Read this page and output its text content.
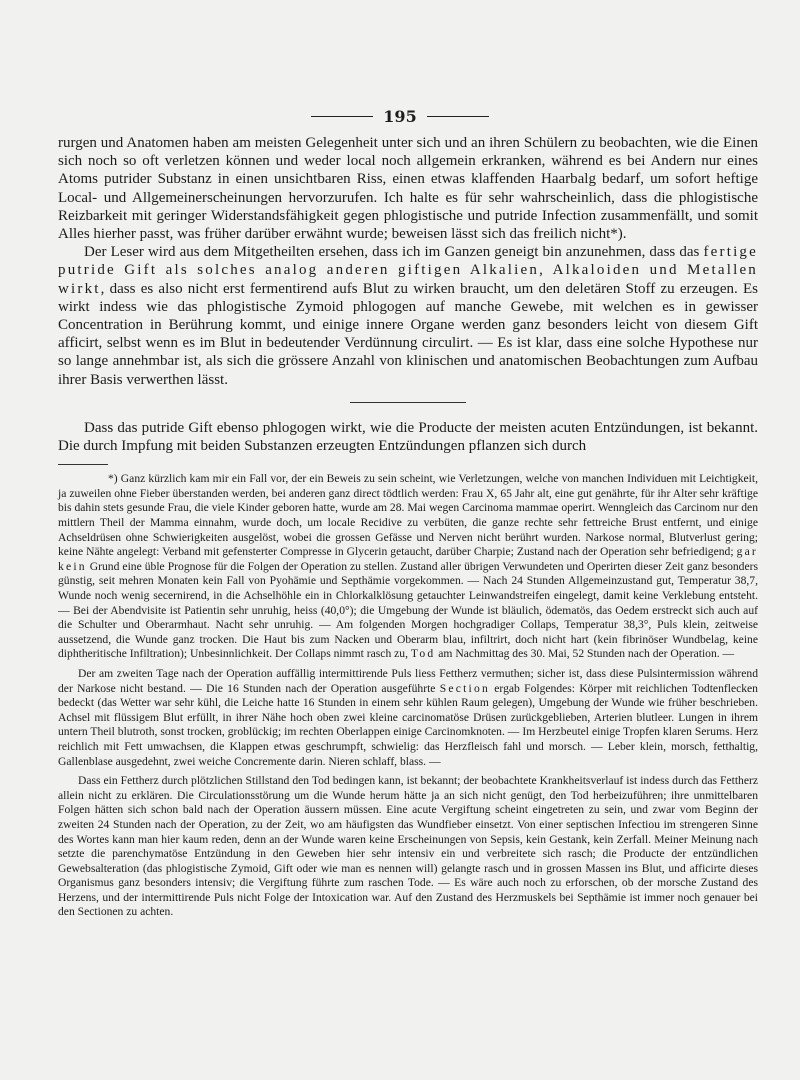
195

rurgen und Anatomen haben am meisten Gelegenheit unter sich und an ihren Schülern zu beobachten, wie die Einen sich noch so oft verletzen können und weder local noch allgemein erkranken, während es bei Andern nur eines Atoms putrider Substanz in einen unsichtbaren Riss, einen etwas klaffenden Haarbalg bedarf, um sofort heftige Local- und Allgemeinerscheinungen hervorzurufen. Ich halte es für sehr wahrscheinlich, dass die phlogistische Reizbarkeit mit geringer Widerstandsfähigkeit gegen phlogistische und putride Infection zusammenfällt, und somit Alles hierher passt, was früher darüber erwähnt wurde; beweisen lässt sich das freilich nicht*).

Der Leser wird aus dem Mitgetheilten ersehen, dass ich im Ganzen geneigt bin anzunehmen, dass das fertige putride Gift als solches analog anderen giftigen Alkalien, Alkaloiden und Metallen wirkt, dass es also nicht erst fermentirend aufs Blut zu wirken braucht, um den deletären Stoff zu erzeugen. Es wirkt indess wie das phlogistische Zymoid phlogogen auf manche Gewebe, mit welchen es in gewisser Concentration in Berührung kommt, und einige innere Organe werden ganz besonders leicht von diesem Gift afficirt, selbst wenn es im Blut in bedeutender Verdünnung circulirt. — Es ist klar, dass eine solche Hypothese nur so lange annehmbar ist, als sich die grössere Anzahl von klinischen und anatomischen Beobachtungen zum Aufbau ihrer Basis verwerthen lässt.

Dass das putride Gift ebenso phlogogen wirkt, wie die Producte der meisten acuten Entzündungen, ist bekannt. Die durch Impfung mit beiden Substanzen erzeugten Entzündungen pflanzen sich durch

*) Ganz kürzlich kam mir ein Fall vor, der ein Beweis zu sein scheint, wie Verletzungen, welche von manchen Individuen mit Leichtigkeit, ja zuweilen ohne Fieber überstanden werden, bei anderen ganz direct tödtlich werden: Frau X, 65 Jahr alt, eine gut genährte, für ihr Alter sehr kräftige bis dahin stets gesunde Frau, die viele Kinder geboren hatte, wurde am 28. Mai wegen Carcinoma mammae operirt. Wenngleich das Carcinom nur den mittlern Theil der Mamma einnahm, wurde doch, um locale Recidive zu verbüten, die ganze rechte sehr fettreiche Brust entfernt, und einige Achseldrüsen ohne Schwierigkeiten ausgelöst, wobei die grossen Gefässe und Nerven nicht berührt wurden. Narkose normal, Blutverlust gering; keine Nähte angelegt: Verband mit gefensterter Compresse in Glycerin getaucht, darüber Charpie; Zustand nach der Operation sehr befriedigend; gar kein Grund eine üble Prognose für die Folgen der Operation zu stellen. Zustand aller übrigen Verwundeten und Operirten dieser Zeit ganz besonders günstig, seit mehren Monaten kein Fall von Pyohämie und Septhämie vorgekommen. — Nach 24 Stunden Allgemeinzustand gut, Temperatur 38,7, Wunde noch wenig secernirend, in die Achselhöhle ein in Chlorkalklösung getauchter Leinwandstreifen eingelegt, damit keine Verklebung entsteht. — Bei der Abendvisite ist Patientin sehr unruhig, heiss (40,0°); die Umgebung der Wunde ist bläulich, ödematös, das Oedem erstreckt sich auch auf die Schulter und Oberarmhaut. Nacht sehr unruhig. — Am folgenden Morgen hochgradiger Collaps, Temperatur 38,3°, Puls klein, zeitweise aussetzend, die Wunde ganz trocken. Die Haut bis zum Nacken und Oberarm blau, infiltrirt, doch nicht hart (kein fibrinöser Wundbelag, keine diphtheritische Infiltration); Unbesinnlichkeit. Der Collaps nimmt rasch zu, Tod am Nachmittag des 30. Mai, 52 Stunden nach der Operation. —

Der am zweiten Tage nach der Operation auffällig intermittirende Puls liess Fettherz vermuthen; sicher ist, dass diese Pulsintermission während der Narkose nicht bestand. — Die 16 Stunden nach der Operation ausgeführte Section ergab Folgendes: Körper mit reichlichen Todtenflecken bedeckt (das Wetter war sehr kühl, die Leiche hatte 16 Stunden in einem sehr kühlen Raum gelegen), Umgebung der Wunde wie früher beschrieben. Achsel mit flüssigem Blut erfüllt, in ihrer Nähe hoch oben zwei kleine carcinomatöse Drüsen zurückgeblieben, Arterien blutleer. Lungen in ihrem untern Theil blutroth, sonst trocken, groblückig; im rechten Oberlappen einige Carcinomknoten. — Im Herzbeutel einige Tropfen klaren Serums. Herz reichlich mit Fett umwachsen, die Klappen etwas geschrumpft, schwielig: das Herzfleisch fahl und morsch. — Leber klein, morsch, fetthaltig, Gallenblase ausgedehnt, zwei weiche Concremente darin. Nieren schlaff, blass. —

Dass ein Fettherz durch plötzlichen Stillstand den Tod bedingen kann, ist bekannt; der beobachtete Krankheitsverlauf ist indess durch das Fettherz allein nicht zu erklären. Die Circulationsstörung um die Wunde herum hätte ja an sich nicht genügt, den Tod herbeizuführen; ihre unmittelbaren Folgen hätten sich schon bald nach der Operation äussern müssen. Eine acute Vergiftung scheint eingetreten zu sein, und zwar vom Beginn der zweiten 24 Stunden nach der Operation, zu der Zeit, wo am häufigsten das Wundfieber einsetzt. Von einer septischen Infectiou im strengeren Sinne des Wortes kann man hier kaum reden, denn an der Wunde waren keine Erscheinungen von Sepsis, kein Gestank, kein Zerfall. Meiner Meinung nach setzte die parenchymatöse Entzündung in den Geweben hier sehr intensiv ein und verbreitete sich rasch; die Producte der entzündlichen Gewebsalteration (das phlogistische Zymoid, Gift oder wie man es nennen will) gelangte rasch und in grossen Massen ins Blut, und afficirte dieses Organismus ganz besonders intensiv; die Vergiftung führte zum raschen Tode. — Es wäre auch noch zu erforschen, ob der morsche Zustand des Herzens, und der intermittirende Puls nicht Folge der Intoxication war. Auf den Zustand des Herzmuskels bei Septhämie ist immer noch genauer bei den Sectionen zu achten.
